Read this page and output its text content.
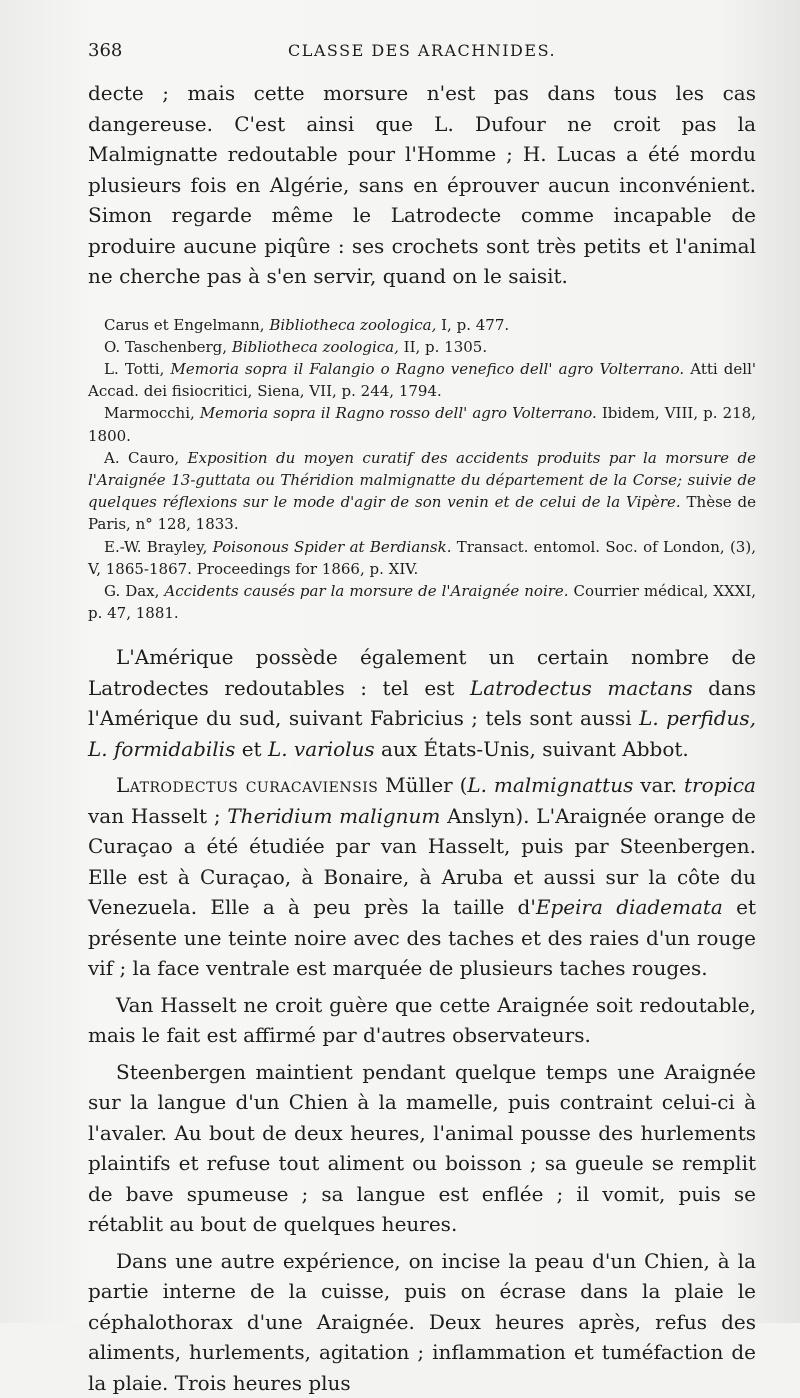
368	CLASSE DES ARACHNIDES.

decte ; mais cette morsure n'est pas dans tous les cas dangereuse. C'est ainsi que L. Dufour ne croit pas la Malmignatte redoutable pour l'Homme ; H. Lucas a été mordu plusieurs fois en Algérie, sans en éprouver aucun inconvénient. Simon regarde même le Latrodecte comme incapable de produire aucune piqûre : ses crochets sont très petits et l'animal ne cherche pas à s'en servir, quand on le saisit.

Carus et Engelmann, Bibliotheca zoologica, I, p. 477.

O. Taschenberg, Bibliotheca zoologica, II, p. 1305.

L. Totti, Memoria sopra il Falangio o Ragno venefico dell' agro Volterrano. Atti dell' Accad. dei fisiocritici, Siena, VII, p. 244, 1794.

Marmocchi, Memoria sopra il Ragno rosso dell' agro Volterrano. Ibidem, VIII, p. 218, 1800.

A. Cauro, Exposition du moyen curatif des accidents produits par la morsure de l'Araignée 13-guttata ou Théridion malmignatte du département de la Corse; suivie de quelques réflexions sur le mode d'agir de son venin et de celui de la Vipère. Thèse de Paris, n° 128, 1833.

E.-W. Brayley, Poisonous Spider at Berdiansk. Transact. entomol. Soc. of London, (3), V, 1865-1867. Proceedings for 1866, p. XIV.

G. Dax, Accidents causés par la morsure de l'Araignée noire. Courrier médical, XXXI, p. 47, 1881.

L'Amérique possède également un certain nombre de Latrodectes redoutables : tel est Latrodectus mactans dans l'Amérique du sud, suivant Fabricius ; tels sont aussi L. perfidus, L. formidabilis et L. variolus aux États-Unis, suivant Abbot.

Latrodectus curacaviensis Müller (L. malmignattus var. tropica van Hasselt ; Theridium malignum Anslyn). L'Araignée orange de Curaçao a été étudiée par van Hasselt, puis par Steenbergen. Elle est à Curaçao, à Bonaire, à Aruba et aussi sur la côte du Venezuela. Elle a à peu près la taille d'Epeira diademata et présente une teinte noire avec des taches et des raies d'un rouge vif ; la face ventrale est marquée de plusieurs taches rouges.

Van Hasselt ne croit guère que cette Araignée soit redoutable, mais le fait est affirmé par d'autres observateurs.

Steenbergen maintient pendant quelque temps une Araignée sur la langue d'un Chien à la mamelle, puis contraint celui-ci à l'avaler. Au bout de deux heures, l'animal pousse des hurlements plaintifs et refuse tout aliment ou boisson ; sa gueule se remplit de bave spumeuse ; sa langue est enflée ; il vomit, puis se rétablit au bout de quelques heures.

Dans une autre expérience, on incise la peau d'un Chien, à la partie interne de la cuisse, puis on écrase dans la plaie le céphalothorax d'une Araignée. Deux heures après, refus des aliments, hurlements, agitation ; inflammation et tuméfaction de la plaie. Trois heures plus
